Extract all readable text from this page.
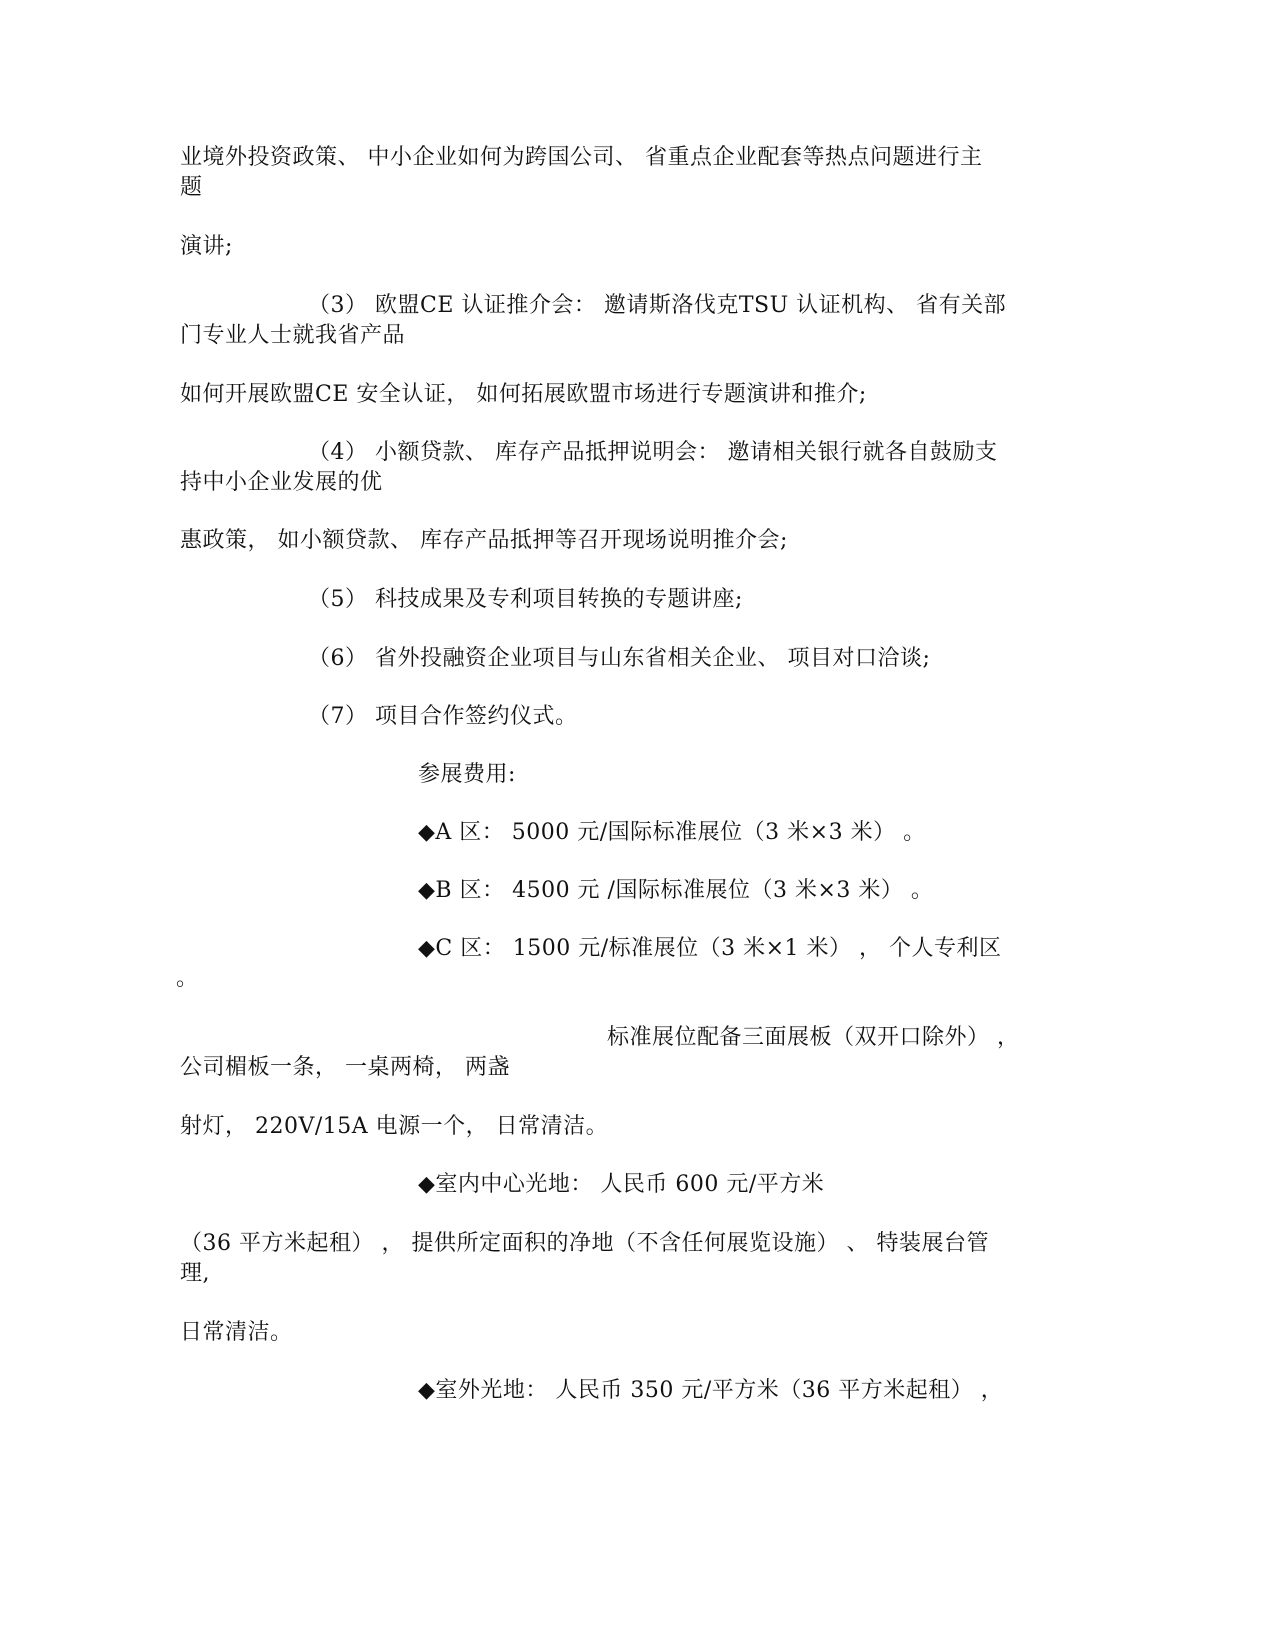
业境外投资政策、 中小企业如何为跨国公司、 省重点企业配套等热点问题进行主
题
演讲;
（3） 欧盟CE 认证推介会： 邀请斯洛伐克TSU 认证机构、 省有关部
门专业人士就我省产品
如何开展欧盟CE 安全认证， 如何拓展欧盟市场进行专题演讲和推介;
（4） 小额贷款、 库存产品抵押说明会： 邀请相关银行就各自鼓励支
持中小企业发展的优
惠政策， 如小额贷款、 库存产品抵押等召开现场说明推介会;
（5） 科技成果及专利项目转换的专题讲座;
（6） 省外投融资企业项目与山东省相关企业、 项目对口洽谈;
（7） 项目合作签约仪式。
参展费用:
◆A 区： 5000 元/国际标准展位（3 米×3 米） 。
◆B 区： 4500 元 /国际标准展位（3 米×3 米） 。
◆C 区： 1500 元/标准展位（3 米×1 米） ， 个人专利区
。
标准展位配备三面展板（双开口除外） ，
公司楣板一条， 一桌两椅， 两盏
射灯， 220V/15A 电源一个， 日常清洁。
◆室内中心光地： 人民币 600 元/平方米
（36 平方米起租） ， 提供所定面积的净地（不含任何展览设施） 、 特装展台管
理,
日常清洁。
◆室外光地： 人民币 350 元/平方米（36 平方米起租） ，
